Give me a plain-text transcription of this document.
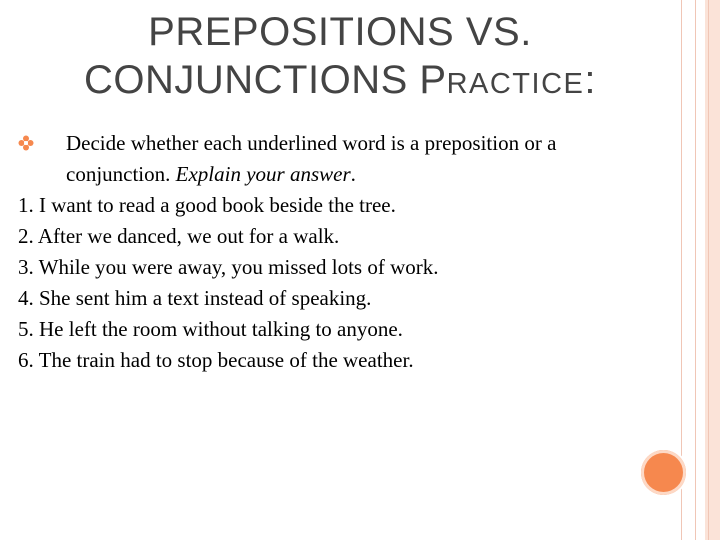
PREPOSITIONS VS.
CONJUNCTIONS PRACTICE:
Decide whether each underlined word is a preposition or a conjunction. Explain your answer.
1. I want to read a good book beside the tree.
2. After we danced, we out for a walk.
3. While you were away, you missed lots of work.
4. She sent him a text instead of speaking.
5. He left the room without talking to anyone.
6. The train had to stop because of the weather.
